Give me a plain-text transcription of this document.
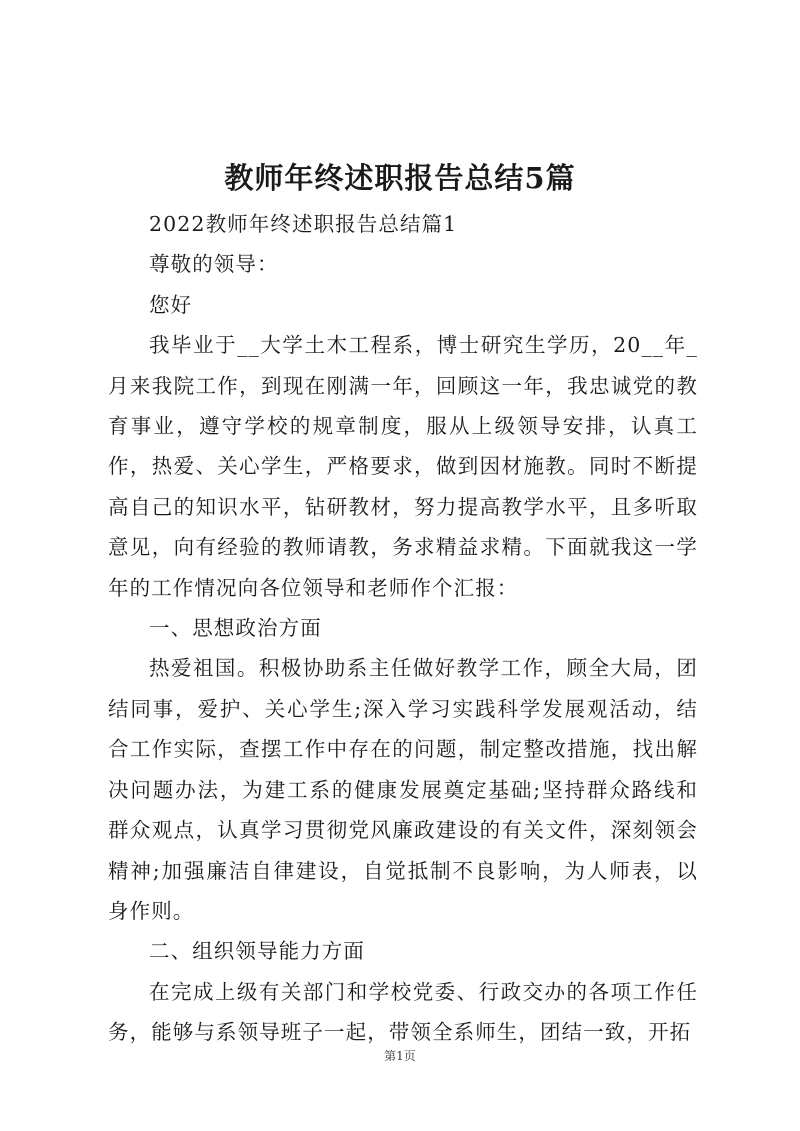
教师年终述职报告总结5篇

2022教师年终述职报告总结篇1

尊敬的领导：

您好

我毕业于__大学土木工程系，博士研究生学历，20__年_月来我院工作，到现在刚满一年，回顾这一年，我忠诚党的教育事业，遵守学校的规章制度，服从上级领导安排，认真工作，热爱、关心学生，严格要求，做到因材施教。同时不断提高自己的知识水平，钻研教材，努力提高教学水平，且多听取意见，向有经验的教师请教，务求精益求精。下面就我这一学年的工作情况向各位领导和老师作个汇报：

一、思想政治方面

热爱祖国。积极协助系主任做好教学工作，顾全大局，团结同事，爱护、关心学生;深入学习实践科学发展观活动，结合工作实际，查摆工作中存在的问题，制定整改措施，找出解决问题办法，为建工系的健康发展奠定基础;坚持群众路线和群众观点，认真学习贯彻党风廉政建设的有关文件，深刻领会精神;加强廉洁自律建设，自觉抵制不良影响，为人师表，以身作则。

二、组织领导能力方面

在完成上级有关部门和学校党委、行政交办的各项工作任务，能够与系领导班子一起，带领全系师生，团结一致，开拓

第1页
